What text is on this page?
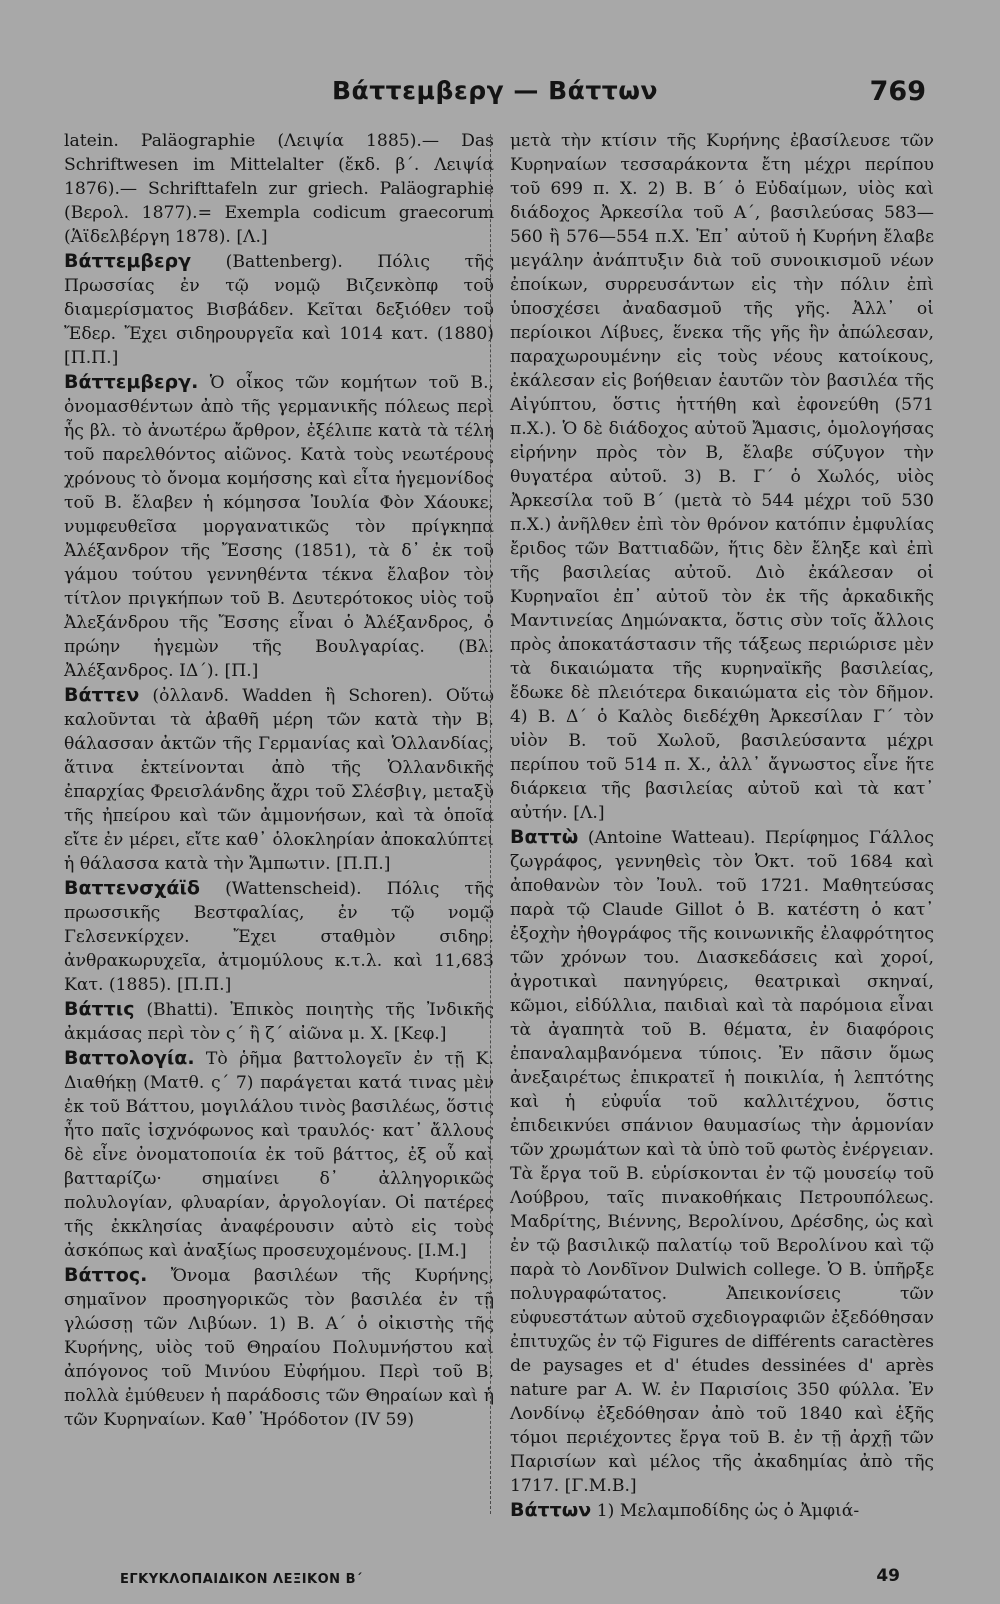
Βάττεμβεργ — Βάττων	769

latein. Paläographie (Λειψία 1885).— Das Schriftwesen im Mittelalter (ἔκδ. β΄. Λειψία 1876).— Schrifttafeln zur griech. Paläographie (Βερολ. 1877).= Exempla codicum graecorum (Ἁϊδελβέργη 1878). [Λ.]

Βάττεμβεργ (Battenberg). Πόλις τῆς Πρωσσίας ἐν τῷ νομῷ Βιζενκὸπφ τοῦ διαμερίσματος Βισβάδεν. Κεῖται δεξιόθεν τοῦ Ἔδερ. Ἔχει σιδηρουργεῖα καὶ 1014 κατ. (1880) [Π.Π.]

Βάττεμβεργ. Ὁ οἶκος τῶν κομήτων τοῦ Β., ὀνομασθέντων ἀπὸ τῆς γερμανικῆς πόλεως περὶ ἧς βλ. τὸ ἀνωτέρω ἄρθρον, ἐξέλιπε κατὰ τὰ τέλη τοῦ παρελθόντος αἰῶνος. Κατὰ τοὺς νεωτέρους χρόνους τὸ ὄνομα κομήσσης καὶ εἶτα ἡγεμονίδος τοῦ Β. ἔλαβεν ἡ κόμησσα Ἰουλία Φὸν Χάουκε, νυμφευθεῖσα μοργανατικῶς τὸν πρίγκηπα Ἀλέξανδρον τῆς Ἔσσης (1851), τὰ δ᾽ ἐκ τοῦ γάμου τούτου γεννηθέντα τέκνα ἔλαβον τὸν τίτλον πριγκήπων τοῦ Β. Δευτερότοκος υἱὸς τοῦ Ἀλεξάνδρου τῆς Ἔσσης εἶναι ὁ Ἀλέξανδρος, ὁ πρώην ἡγεμὼν τῆς Βουλγαρίας. (Βλ. Ἀλέξανδρος. ΙΔ΄). [Π.]

Βάττεν (ὀλλανδ. Wadden ἢ Schoren). Οὕτω καλοῦνται τὰ ἀβαθῆ μέρη τῶν κατὰ τὴν Β. θάλασσαν ἀκτῶν τῆς Γερμανίας καὶ Ὁλλανδίας, ἅτινα ἐκτείνονται ἀπὸ τῆς Ὁλλανδικῆς ἐπαρχίας Φρεισλάνδης ἄχρι τοῦ Σλέσβιγ, μεταξὺ τῆς ἠπείρου καὶ τῶν ἀμμονήσων, καὶ τὰ ὁποῖα εἴτε ἐν μέρει, εἴτε καθ᾽ ὁλοκληρίαν ἀποκαλύπτει ἡ θάλασσα κατὰ τὴν Ἄμπωτιν. [Π.Π.]

Βαττενσχάϊδ (Wattenscheid). Πόλις τῆς πρωσσικῆς Βεστφαλίας, ἐν τῷ νομῷ Γελσενκίρχεν. Ἔχει σταθμὸν σιδηρ. ἀνθρακωρυχεῖα, ἀτμομύλους κ.τ.λ. καὶ 11,683 Κατ. (1885). [Π.Π.]

Βάττις (Bhatti). Ἐπικὸς ποιητὴς τῆς Ἰνδικῆς ἀκμάσας περὶ τὸν ς΄ ἢ ζ΄ αἰῶνα μ. Χ. [Κεφ.]

Βαττολογία. Τὸ ῥῆμα βαττολογεῖν ἐν τῇ Κ. Διαθήκῃ (Ματθ. ς΄ 7) παράγεται κατά τινας μὲν ἐκ τοῦ Βάττου, μογιλάλου τινὸς βασιλέως, ὅστις ἦτο παῖς ἰσχνόφωνος καὶ τραυλός· κατ᾽ ἄλλους δὲ εἶνε ὀνοματοποιία ἐκ τοῦ βάττος, ἐξ οὗ καὶ βατταρίζω· σημαίνει δ᾽ ἀλληγορικῶς πολυλογίαν, φλυαρίαν, ἀργολογίαν. Οἱ πατέρες τῆς ἐκκλησίας ἀναφέρουσιν αὐτὸ εἰς τοὺς ἀσκόπως καὶ ἀναξίως προσευχομένους. [Ι.Μ.]

Βάττος. Ὄνομα βασιλέων τῆς Κυρήνης, σημαῖνον προσηγορικῶς τὸν βασιλέα ἐν τῇ γλώσσῃ τῶν Λιβύων. 1) Β. Α΄ ὁ οἰκιστὴς τῆς Κυρήνης, υἱὸς τοῦ Θηραίου Πολυμνήστου καὶ ἀπόγονος τοῦ Μινύου Εὐφήμου. Περὶ τοῦ Β. πολλὰ ἐμύθευεν ἡ παράδοσις τῶν Θηραίων καὶ ἡ τῶν Κυρηναίων. Καθ᾽ Ἡρόδοτον (IV 59)

μετὰ τὴν κτίσιν τῆς Κυρήνης ἐβασίλευσε τῶν Κυρηναίων τεσσαράκοντα ἔτη μέχρι περίπου τοῦ 699 π. Χ. 2) Β. Β΄ ὁ Εὐδαίμων, υἱὸς καὶ διάδοχος Ἀρκεσίλα τοῦ Α΄, βασιλεύσας 583—560 ἢ 576—554 π.Χ. Ἐπ᾽ αὐτοῦ ἡ Κυρήνη ἔλαβε μεγάλην ἀνάπτυξιν διὰ τοῦ συνοικισμοῦ νέων ἐποίκων, συρρευσάντων εἰς τὴν πόλιν ἐπὶ ὑποσχέσει ἀναδασμοῦ τῆς γῆς. Ἀλλ᾽ οἱ περίοικοι Λίβυες, ἕνεκα τῆς γῆς ἣν ἀπώλεσαν, παραχωρουμένην εἰς τοὺς νέους κατοίκους, ἐκάλεσαν εἰς βοήθειαν ἑαυτῶν τὸν βασιλέα τῆς Αἰγύπτου, ὅστις ἡττήθη καὶ ἐφονεύθη (571 π.Χ.). Ὁ δὲ διάδοχος αὐτοῦ Ἄμασις, ὁμολογήσας εἰρήνην πρὸς τὸν Β, ἔλαβε σύζυγον τὴν θυγατέρα αὐτοῦ. 3) Β. Γ΄ ὁ Χωλός, υἱὸς Ἀρκεσίλα τοῦ Β΄ (μετὰ τὸ 544 μέχρι τοῦ 530 π.Χ.) ἀνῆλθεν ἐπὶ τὸν θρόνον κατόπιν ἐμφυλίας ἔριδος τῶν Βαττιαδῶν, ἥτις δὲν ἔληξε καὶ ἐπὶ τῆς βασιλείας αὐτοῦ. Διὸ ἐκάλεσαν οἱ Κυρηναῖοι ἐπ᾽ αὐτοῦ τὸν ἐκ τῆς ἀρκαδικῆς Μαντινείας Δημώνακτα, ὅστις σὺν τοῖς ἄλλοις πρὸς ἀποκατάστασιν τῆς τάξεως περιώρισε μὲν τὰ δικαιώματα τῆς κυρηναϊκῆς βασιλείας, ἔδωκε δὲ πλειότερα δικαιώματα εἰς τὸν δῆμον. 4) Β. Δ΄ ὁ Καλὸς διεδέχθη Ἀρκεσίλαν Γ΄ τὸν υἱὸν Β. τοῦ Χωλοῦ, βασιλεύσαντα μέχρι περίπου τοῦ 514 π. Χ., ἀλλ᾽ ἄγνωστος εἶνε ἥτε διάρκεια τῆς βασιλείας αὐτοῦ καὶ τὰ κατ᾽ αὐτήν. [Λ.]

Βαττὼ (Antoine Watteau). Περίφημος Γάλλος ζωγράφος, γεννηθεὶς τὸν Ὀκτ. τοῦ 1684 καὶ ἀποθανὼν τὸν Ἰουλ. τοῦ 1721. Μαθητεύσας παρὰ τῷ Claude Gillot ὁ Β. κατέστη ὁ κατ᾽ ἐξοχὴν ἠθογράφος τῆς κοινωνικῆς ἐλαφρότητος τῶν χρόνων του. Διασκεδάσεις καὶ χοροί, ἀγροτικαὶ πανηγύρεις, θεατρικαὶ σκηναί, κῶμοι, εἰδύλλια, παιδιαὶ καὶ τὰ παρόμοια εἶναι τὰ ἀγαπητὰ τοῦ Β. θέματα, ἐν διαφόροις ἐπαναλαμβανόμενα τύποις. Ἐν πᾶσιν ὅμως ἀνεξαιρέτως ἐπικρατεῖ ἡ ποικιλία, ἡ λεπτότης καὶ ἡ εὐφυΐα τοῦ καλλιτέχνου, ὅστις ἐπιδεικνύει σπάνιον θαυμασίως τὴν ἁρμονίαν τῶν χρωμάτων καὶ τὰ ὑπὸ τοῦ φωτὸς ἐνέργειαν. Τὰ ἔργα τοῦ Β. εὑρίσκονται ἐν τῷ μουσείῳ τοῦ Λούβρου, ταῖς πινακοθήκαις Πετρουπόλεως. Μαδρίτης, Βιέννης, Βερολίνου, Δρέσδης, ὡς καὶ ἐν τῷ βασιλικῷ παλατίῳ τοῦ Βερολίνου καὶ τῷ παρὰ τὸ Λονδῖνον Dulwich college. Ὁ Β. ὑπῆρξε πολυγραφώτατος. Ἀπεικονίσεις τῶν εὐφυεστάτων αὐτοῦ σχεδιογραφιῶν ἐξεδόθησαν ἐπιτυχῶς ἐν τῷ Figures de différents caractères de paysages et d' études dessinées d' après nature par A. W. ἐν Παρισίοις 350 φύλλα. Ἐν Λονδίνῳ ἐξεδόθησαν ἀπὸ τοῦ 1840 καὶ ἑξῆς τόμοι περιέχοντες ἔργα τοῦ Β. ἐν τῇ ἀρχῇ τῶν Παρισίων καὶ μέλος τῆς ἀκαδημίας ἀπὸ τῆς 1717. [Γ.Μ.Β.]

Βάττων 1) Μελαμποδίδης ὡς ὁ Ἀμφιά-

ΕΓΚΥΚΛΟΠΑΙΔΙΚΟΝ ΛΕΞΙΚΟΝ Β΄	49
